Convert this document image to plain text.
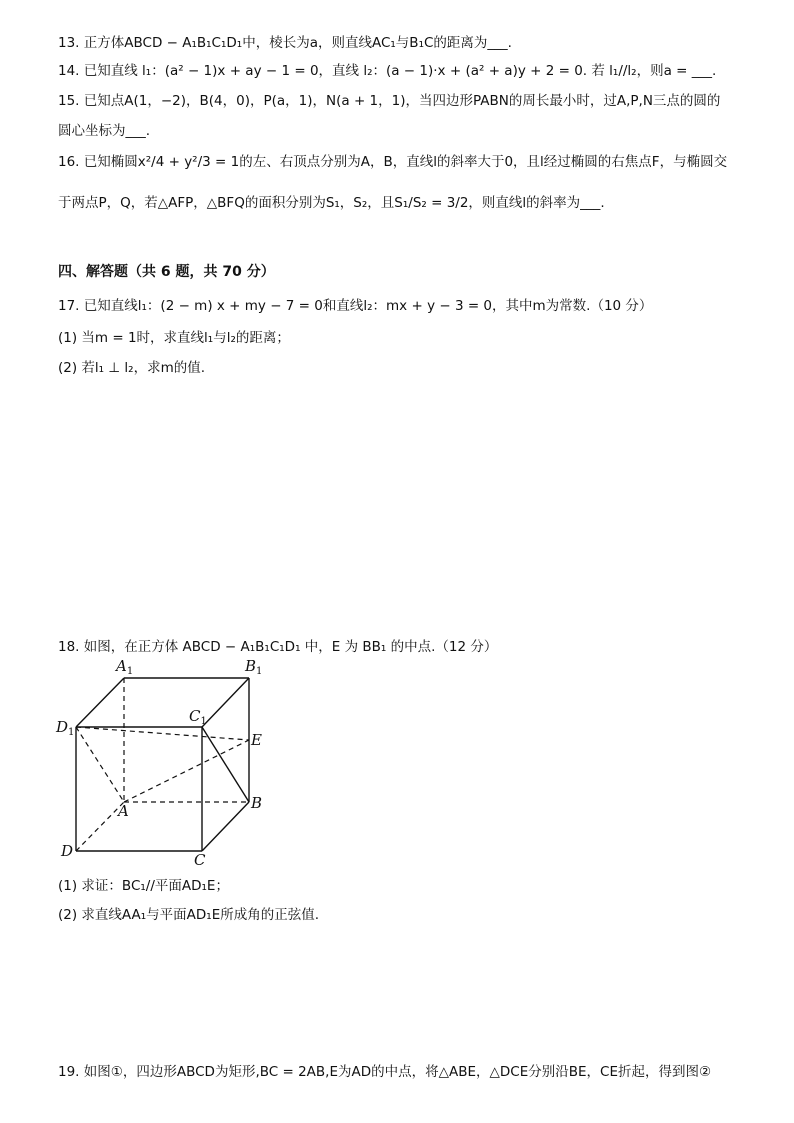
13. 正方体ABCD − A₁B₁C₁D₁中，棱长为a，则直线AC₁与B₁C的距离为___.
14. 已知直线 l₁：(a² − 1)x + ay − 1 = 0，直线 l₂：(a − 1)·x + (a² + a)y + 2 = 0. 若 l₁//l₂，则a = ___.
15. 已知点A(1，−2)，B(4，0)，P(a，1)，N(a + 1，1)，当四边形PABN的周长最小时，过A,P,N三点的圆的
圆心坐标为___.
16. 已知椭圆x²/4 + y²/3 = 1的左、右顶点分别为A，B，直线l的斜率大于0，且l经过椭圆的右焦点F，与椭圆交
于两点P，Q，若△AFP，△BFQ的面积分别为S₁，S₂，且S₁/S₂ = 3/2，则直线l的斜率为___.
四、解答题（共 6 题，共 70 分）
17. 已知直线l₁：(2 − m) x + my − 7 = 0和直线l₂：mx + y − 3 = 0，其中m为常数.（10 分）
(1) 当m = 1时，求直线l₁与l₂的距离；
(2) 若l₁ ⊥ l₂，求m的值.
18. 如图，在正方体 ABCD − A₁B₁C₁D₁ 中，E 为 BB₁ 的中点.（12 分）
$A_1$	$B_1$
$C_1$
$D_1$	E
A	B
C
D
(1) 求证：BC₁//平面AD₁E；
(2) 求直线AA₁与平面AD₁E所成角的正弦值.
19. 如图①，四边形ABCD为矩形,BC = 2AB,E为AD的中点，将△ABE，△DCE分别沿BE，CE折起，得到图②
